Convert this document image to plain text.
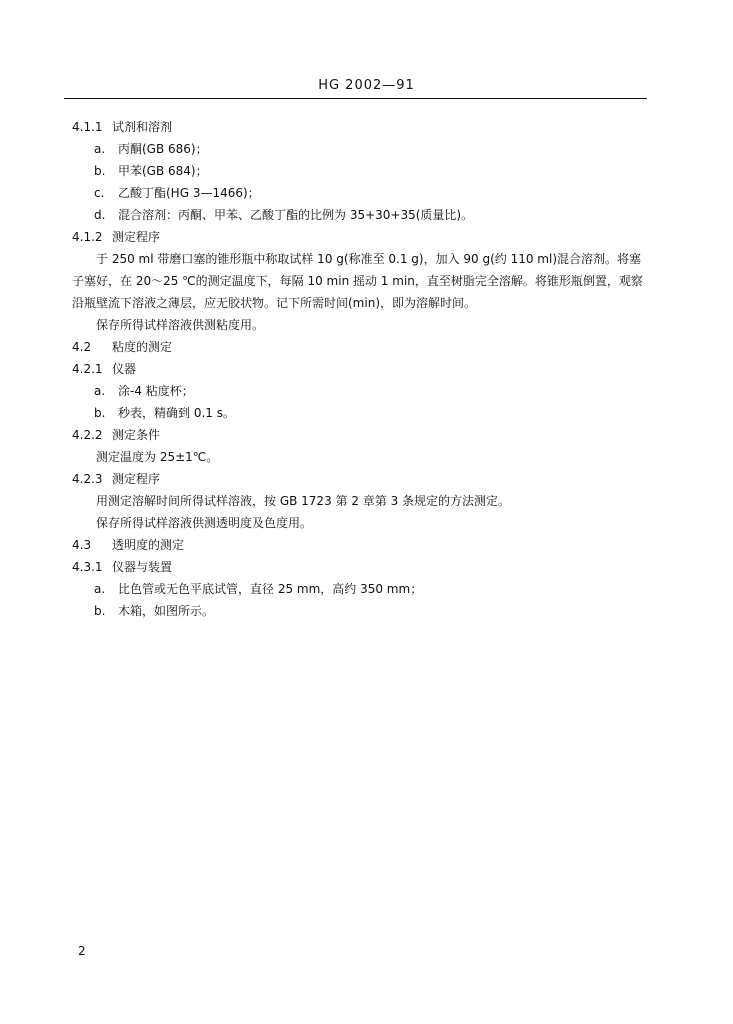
HG 2002—91
4.1.1 试剂和溶剂
a. 丙酮(GB 686)；
b. 甲苯(GB 684)；
c. 乙酸丁酯(HG 3—1466)；
d. 混合溶剂：丙酮、甲苯、乙酸丁酯的比例为 35+30+35(质量比)。
4.1.2 测定程序

于 250 ml 带磨口塞的锥形瓶中称取试样 10 g(称准至 0.1 g)，加入 90 g(约 110 ml)混合溶剂。将塞子塞好，在 20～25 ℃的测定温度下，每隔 10 min 摇动 1 min，直至树脂完全溶解。将锥形瓶倒置，观察沿瓶壁流下溶液之薄层，应无胶状物。记下所需时间(min)，即为溶解时间。

保存所得试样溶液供测粘度用。

4.2 粘度的测定
4.2.1 仪器
a. 涂-4 粘度杯；
b. 秒表，精确到 0.1 s。
4.2.2 测定条件
测定温度为 25±1℃。
4.2.3 测定程序
用测定溶解时间所得试样溶液，按 GB 1723 第 2 章第 3 条规定的方法测定。
保存所得试样溶液供测透明度及色度用。
4.3 透明度的测定
4.3.1 仪器与装置
a. 比色管或无色平底试管，直径 25 mm，高约 350 mm；
b. 木箱，如图所示。
2
